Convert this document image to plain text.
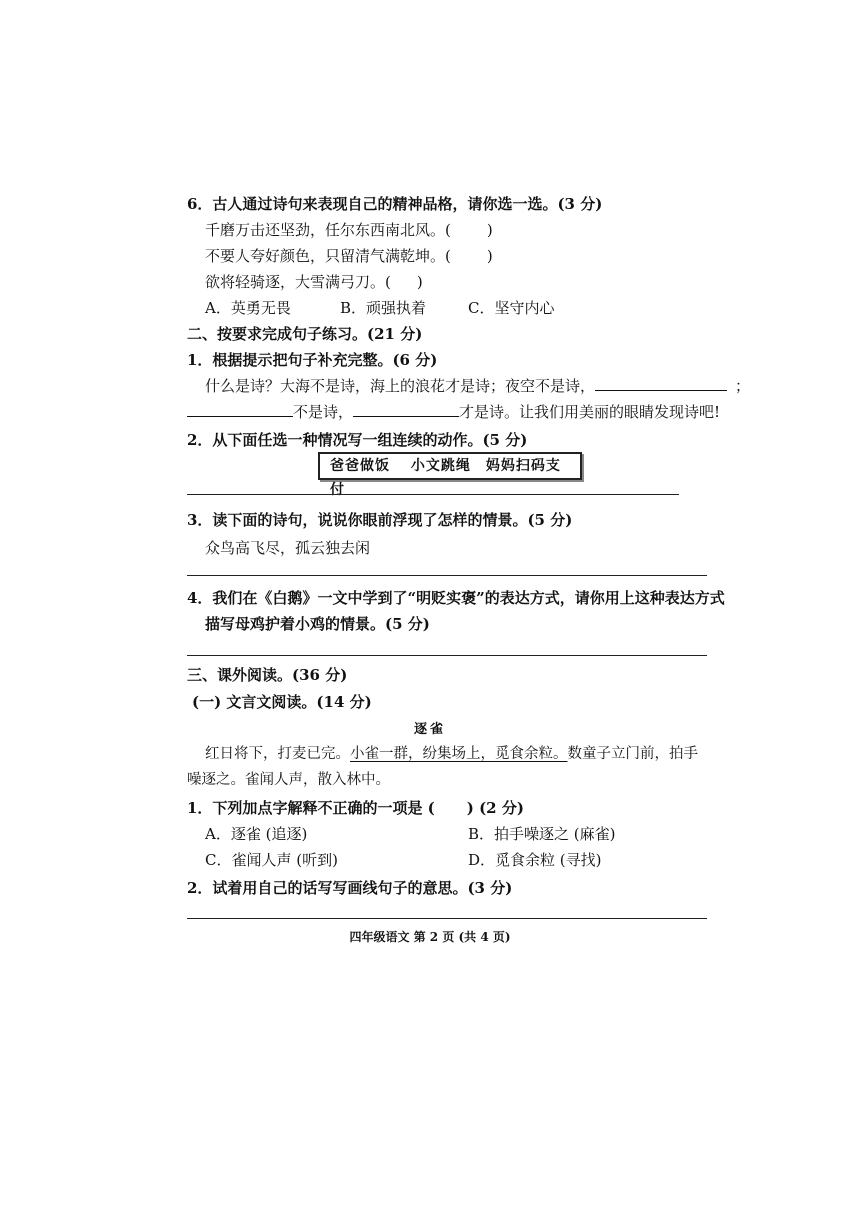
6．古人通过诗句来表现自己的精神品格，请你选一选。(3 分)
千磨万击还坚劲，任尔东西南北风。( )
不要人夸好颜色，只留清气满乾坤。( )
欲将轻骑逐，大雪满弓刀。( )
A．英勇无畏	B．顽强执着	C．坚守内心
二、按要求完成句子练习。(21 分)
1．根据提示把句子补充完整。(6 分)
什么是诗？大海不是诗，海上的浪花才是诗；夜空不是诗，	；
不是诗，	才是诗。让我们用美丽的眼睛发现诗吧!
2．从下面任选一种情况写一组连续的动作。(5 分)
爸爸做饭　 小文跳绳　妈妈扫码支付
3．读下面的诗句，说说你眼前浮现了怎样的情景。(5 分)
众鸟高飞尽，孤云独去闲
4．我们在《白鹅》一文中学到了“明贬实褒”的表达方式，请你用上这种表达方式
描写母鸡护着小鸡的情景。(5 分)
三、课外阅读。(36 分)
(一) 文言文阅读。(14 分)
逐雀
红日将下，打麦已完。小雀一群，纷集场上，觅食余粒。数童子立门前，拍手
噪逐之。雀闻人声，散入林中。
1．下列加点字解释不正确的一项是 ( ) (2 分)
A．逐雀 (追逐)	B．拍手噪逐之 (麻雀)
C．雀闻人声 (听到)	D．觅食余粒 (寻找)
2．试着用自己的话写写画线句子的意思。(3 分)
四年级语文 第 2 页 (共 4 页)
